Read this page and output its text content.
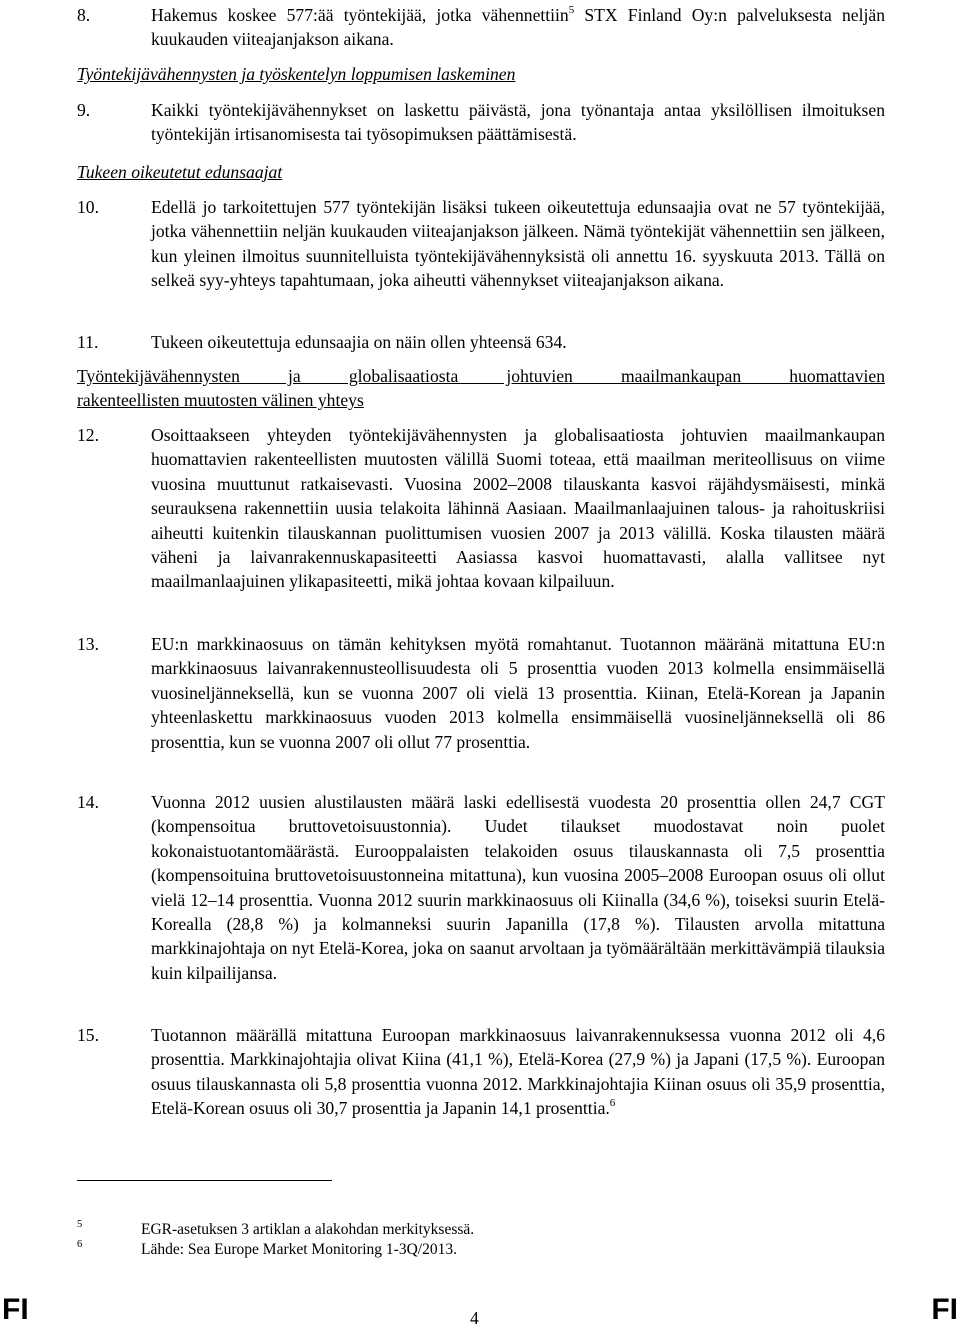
8.	Hakemus koskee 577:ää työntekijää, jotka vähennettiin$^5$ STX Finland Oy:n palveluksesta neljän kuukauden viiteajanjakson aikana.
Työntekijävähennysten ja työskentelyn loppumisen laskeminen
9.	Kaikki työntekijävähennykset on laskettu päivästä, jona työnantaja antaa yksilöllisen ilmoituksen työntekijän irtisanomisesta tai työsopimuksen päättämisestä.
Tukeen oikeutetut edunsaajat
10.	Edellä jo tarkoitettujen 577 työntekijän lisäksi tukeen oikeutettuja edunsaajia ovat ne 57 työntekijää, jotka vähennettiin neljän kuukauden viiteajanjakson jälkeen. Nämä työntekijät vähennettiin sen jälkeen, kun yleinen ilmoitus suunnitelluista työntekijävähennyksistä oli annettu 16. syyskuuta 2013. Tällä on selkeä syy-yhteys tapahtumaan, joka aiheutti vähennykset viiteajanjakson aikana.
11.	Tukeen oikeutettuja edunsaajia on näin ollen yhteensä 634.
Työntekijävähennysten ja globalisaatiosta johtuvien maailmankaupan huomattavien
rakenteellisten muutosten välinen yhteys
12.	Osoittaakseen yhteyden työntekijävähennysten ja globalisaatiosta johtuvien maailmankaupan huomattavien rakenteellisten muutosten välillä Suomi toteaa, että maailman meriteollisuus on viime vuosina muuttunut ratkaisevasti. Vuosina 2002–2008 tilauskanta kasvoi räjähdysmäisesti, minkä seurauksena rakennettiin uusia telakoita lähinnä Aasiaan. Maailmanlaajuinen talous- ja rahoituskriisi aiheutti kuitenkin tilauskannan puolittumisen vuosien 2007 ja 2013 välillä. Koska tilausten määrä väheni ja laivanrakennuskapasiteetti Aasiassa kasvoi huomattavasti, alalla vallitsee nyt maailmanlaajuinen ylikapasiteetti, mikä johtaa kovaan kilpailuun.
13.	EU:n markkinaosuus on tämän kehityksen myötä romahtanut. Tuotannon määränä mitattuna EU:n markkinaosuus laivanrakennusteollisuudesta oli 5 prosenttia vuoden 2013 kolmella ensimmäisellä vuosineljänneksellä, kun se vuonna 2007 oli vielä 13 prosenttia. Kiinan, Etelä-Korean ja Japanin yhteenlaskettu markkinaosuus vuoden 2013 kolmella ensimmäisellä vuosineljänneksellä oli 86 prosenttia, kun se vuonna 2007 oli ollut 77 prosenttia.
14.	Vuonna 2012 uusien alustilausten määrä laski edellisestä vuodesta 20 prosenttia ollen 24,7 CGT (kompensoitua bruttovetoisuustonnia). Uudet tilaukset muodostavat noin puolet kokonaistuotantomäärästä. Eurooppalaisten telakoiden osuus tilauskannasta oli 7,5 prosenttia (kompensoituina bruttovetoisuustonneina mitattuna), kun vuosina 2005–2008 Euroopan osuus oli ollut vielä 12–14 prosenttia. Vuonna 2012 suurin markkinaosuus oli Kiinalla (34,6 %), toiseksi suurin Etelä-Korealla (28,8 %) ja kolmanneksi suurin Japanilla (17,8 %). Tilausten arvolla mitattuna markkinajohtaja on nyt Etelä-Korea, joka on saanut arvoltaan ja työmäärältään merkittävämpiä tilauksia kuin kilpailijansa.
15.	Tuotannon määrällä mitattuna Euroopan markkinaosuus laivanrakennuksessa vuonna 2012 oli 4,6 prosenttia. Markkinajohtajia olivat Kiina (41,1 %), Etelä-Korea (27,9 %) ja Japani (17,5 %). Euroopan osuus tilauskannasta oli 5,8 prosenttia vuonna 2012. Markkinajohtajia Kiinan osuus oli 35,9 prosenttia, Etelä-Korean osuus oli 30,7 prosenttia ja Japanin 14,1 prosenttia.$^6$
5	EGR-asetuksen 3 artiklan a alakohdan merkityksessä.
6	Lähde: Sea Europe Market Monitoring 1-3Q/2013.
FI	4	FI
